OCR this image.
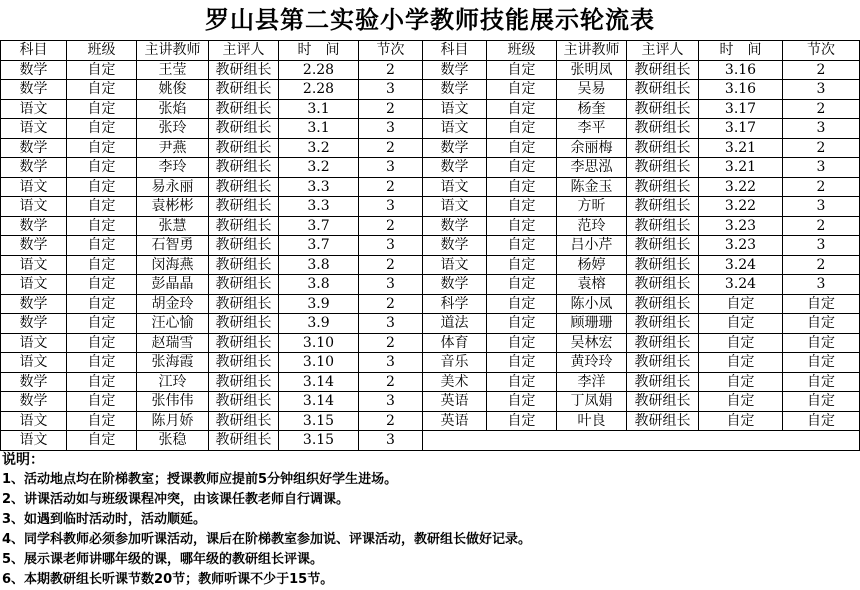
罗山县第二实验小学教师技能展示轮流表
科目	班级	主讲教师	主评人	时　间	节次	科目	班级	主讲教师	主评人	时　间	节次
数学	自定	王莹	教研组长	2.28	2	数学	自定	张明凤	教研组长	3.16	2
数学	自定	姚俊	教研组长	2.28	3	数学	自定	吴易	教研组长	3.16	3
语文	自定	张焰	教研组长	3.1	2	语文	自定	杨奎	教研组长	3.17	2
语文	自定	张玲	教研组长	3.1	3	语文	自定	李平	教研组长	3.17	3
数学	自定	尹燕	教研组长	3.2	2	数学	自定	余丽梅	教研组长	3.21	2
数学	自定	李玲	教研组长	3.2	3	数学	自定	李思泓	教研组长	3.21	3
语文	自定	易永丽	教研组长	3.3	2	语文	自定	陈金玉	教研组长	3.22	2
语文	自定	袁彬彬	教研组长	3.3	3	语文	自定	方昕	教研组长	3.22	3
数学	自定	张慧	教研组长	3.7	2	数学	自定	范玲	教研组长	3.23	2
数学	自定	石智勇	教研组长	3.7	3	数学	自定	吕小芹	教研组长	3.23	3
语文	自定	闵海燕	教研组长	3.8	2	语文	自定	杨婷	教研组长	3.24	2
语文	自定	彭晶晶	教研组长	3.8	3	数学	自定	袁榕	教研组长	3.24	3
数学	自定	胡金玲	教研组长	3.9	2	科学	自定	陈小凤	教研组长	自定	自定
数学	自定	汪心愉	教研组长	3.9	3	道法	自定	顾珊珊	教研组长	自定	自定
语文	自定	赵瑞雪	教研组长	3.10	2	体育	自定	吴林宏	教研组长	自定	自定
语文	自定	张海霞	教研组长	3.10	3	音乐	自定	黄玲玲	教研组长	自定	自定
数学	自定	江玲	教研组长	3.14	2	美术	自定	李洋	教研组长	自定	自定
数学	自定	张伟伟	教研组长	3.14	3	英语	自定	丁凤娟	教研组长	自定	自定
语文	自定	陈月娇	教研组长	3.15	2	英语	自定	叶良	教研组长	自定	自定
语文	自定	张稳	教研组长	3.15	3						
说明：
1、活动地点均在阶梯教室；授课教师应提前5分钟组织好学生进场。
2、讲课活动如与班级课程冲突，由该课任教老师自行调课。
3、如遇到临时活动时，活动顺延。
4、同学科教师必须参加听课活动，课后在阶梯教室参加说、评课活动，教研组长做好记录。
5、展示课老师讲哪年级的课，哪年级的教研组长评课。
6、本期教研组长听课节数20节；教师听课不少于15节。
